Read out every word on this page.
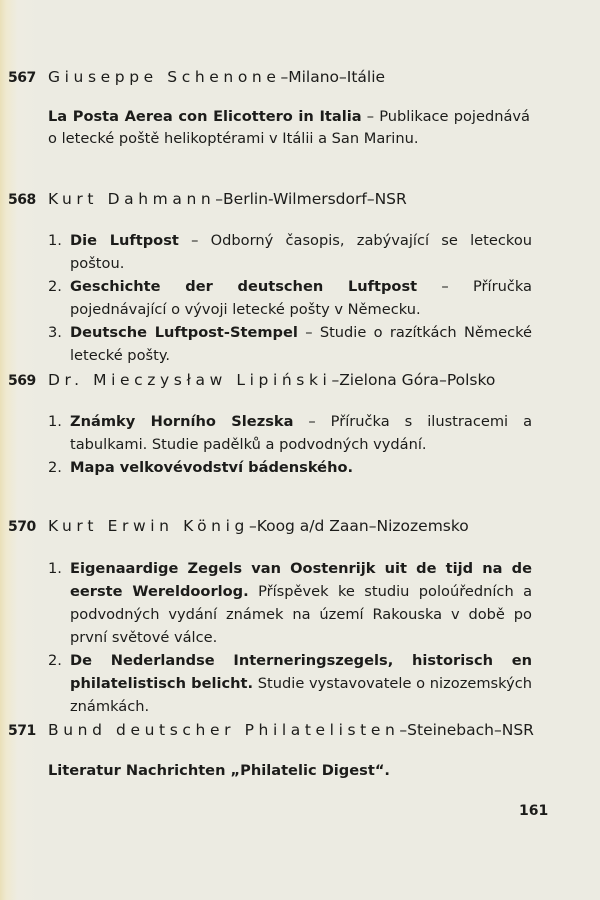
567 Giuseppe Schenone – Milano – Itálie
La Posta Aerea con Elicottero in Italia – Publikace pojednává o letecké poště helikoptérami v Itálii a San Marinu.
568 Kurt Dahmann – Berlin-Wilmersdorf – NSR
1. Die Luftpost – Odborný časopis, zabývající se leteckou poštou.
2. Geschichte der deutschen Luftpost – Příručka pojednávající o vývoji letecké pošty v Německu.
3. Deutsche Luftpost-Stempel – Studie o razítkách Německé letecké pošty.
569 Dr. Mieczysław Lipiński – Zielona Góra – Polsko
1. Známky Horního Slezska – Příručka s ilustracemi a tabulkami. Studie padělků a podvodných vydání.
2. Mapa velkovévodství bádenského.
570 Kurt Erwin König – Koog a/d Zaan – Nizozemsko
1. Eigenaardige Zegels van Oostenrijk uit de tijd na de eerste Wereldoorlog. Příspěvek ke studiu poloúředních a podvodných vydání známek na území Rakouska v době po první světové válce.
2. De Nederlandse Interneringszegels, historisch en philatelistisch belicht. Studie vystavovatele o nizozemských známkách.
571 Bund deutscher Philatelisten – Steinebach – NSR
Literatur Nachrichten „Philatelic Digest“.
161
